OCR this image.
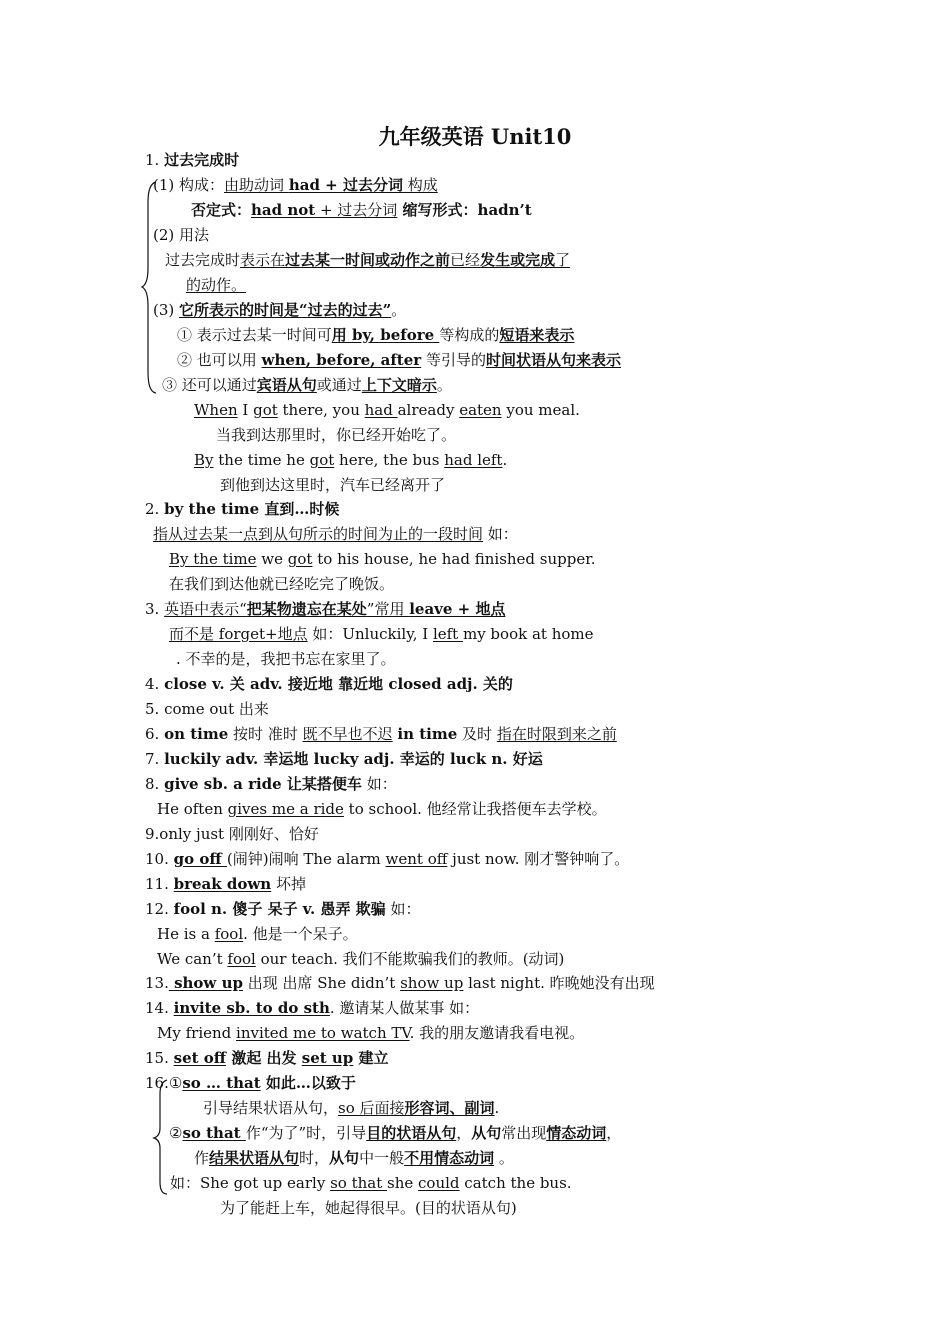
九年级英语 Unit10
1. 过去完成时
(1) 构成：由助动词 had + 过去分词 构成
否定式：had not + 过去分词 缩写形式：hadn’t
(2) 用法
过去完成时表示在过去某一时间或动作之前已经发生或完成了
的动作。
(3) 它所表示的时间是“过去的过去”。
① 表示过去某一时间可用 by, before 等构成的短语来表示
② 也可以用 when, before, after 等引导的时间状语从句来表示
③ 还可以通过宾语从句或通过上下文暗示。
When I got there, you had already eaten you meal.
当我到达那里时，你已经开始吃了。
By the time he got here, the bus had left.
到他到达这里时，汽车已经离开了
2. by the time 直到…时候
指从过去某一点到从句所示的时间为止的一段时间 如：
By the time we got to his house, he had finished supper.
在我们到达他就已经吃完了晚饭。
3. 英语中表示“把某物遗忘在某处”常用 leave + 地点
而不是 forget+地点 如：Unluckily, I left my book at home
. 不幸的是，我把书忘在家里了。
4. close v. 关 adv. 接近地 靠近地 closed adj. 关的
5. come out 出来
6. on time 按时 准时 既不早也不迟 in time 及时 指在时限到来之前
7. luckily adv. 幸运地 lucky adj. 幸运的 luck n. 好运
8. give sb. a ride 让某搭便车 如：
He often gives me a ride to school. 他经常让我搭便车去学校。
9.only just 刚刚好、恰好
10. go off (闹钟)闹响 The alarm went off just now. 刚才警钟响了。
11. break down 坏掉
12. fool n. 傻子 呆子 v. 愚弄 欺骗 如：
He is a fool. 他是一个呆子。
We can’t fool our teach. 我们不能欺骗我们的教师。(动词)
13. show up 出现 出席 She didn’t show up last night. 昨晚她没有出现
14. invite sb. to do sth. 邀请某人做某事 如：
My friend invited me to watch TV. 我的朋友邀请我看电视。
15. set off 激起 出发 set up 建立
16.①so … that 如此…以致于
引导结果状语从句，so 后面接形容词、副词.
②so that 作“为了”时，引导目的状语从句，从句常出现情态动词，
作结果状语从句时，从句中一般不用情态动词 。
如：She got up early so that she could catch the bus.
为了能赶上车，她起得很早。(目的状语从句)
